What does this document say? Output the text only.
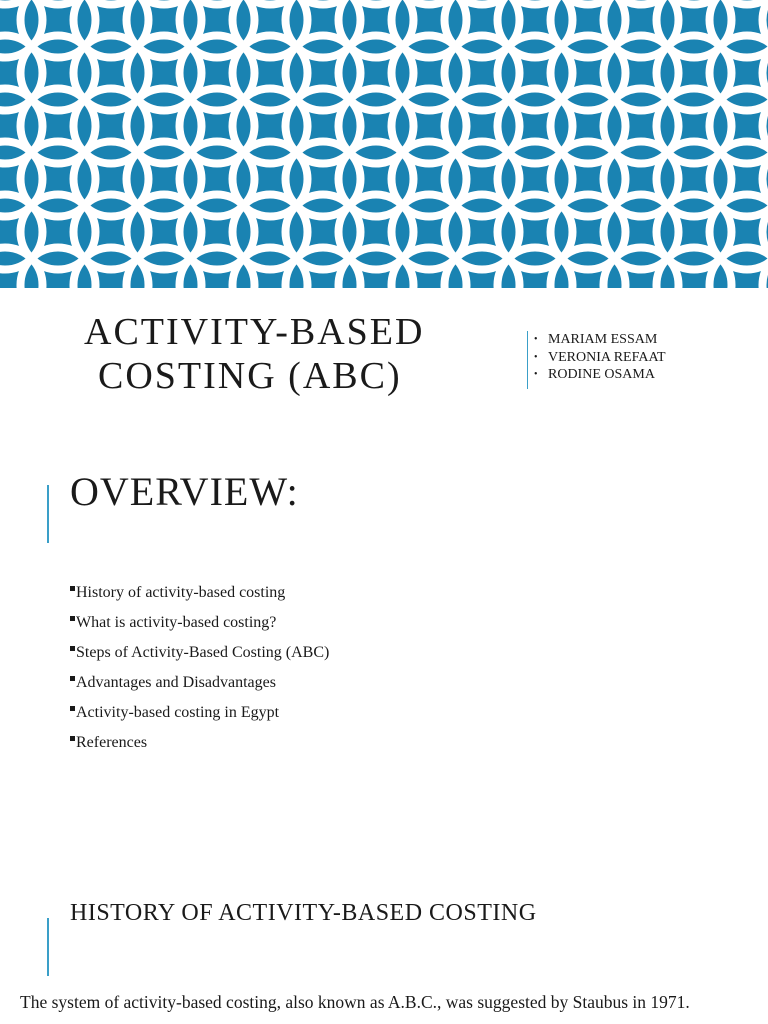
ACTIVITY-BASED
COSTING (ABC)
• MARIAM ESSAM
• VERONIA REFAAT
• RODINE OSAMA
OVERVIEW:
History of activity-based costing
What is activity-based costing?
Steps of Activity-Based Costing (ABC)
Advantages and Disadvantages
Activity-based costing in Egypt
References
HISTORY OF ACTIVITY-BASED COSTING
The system of activity-based costing, also known as A.B.C., was suggested by Staubus in 1971.
